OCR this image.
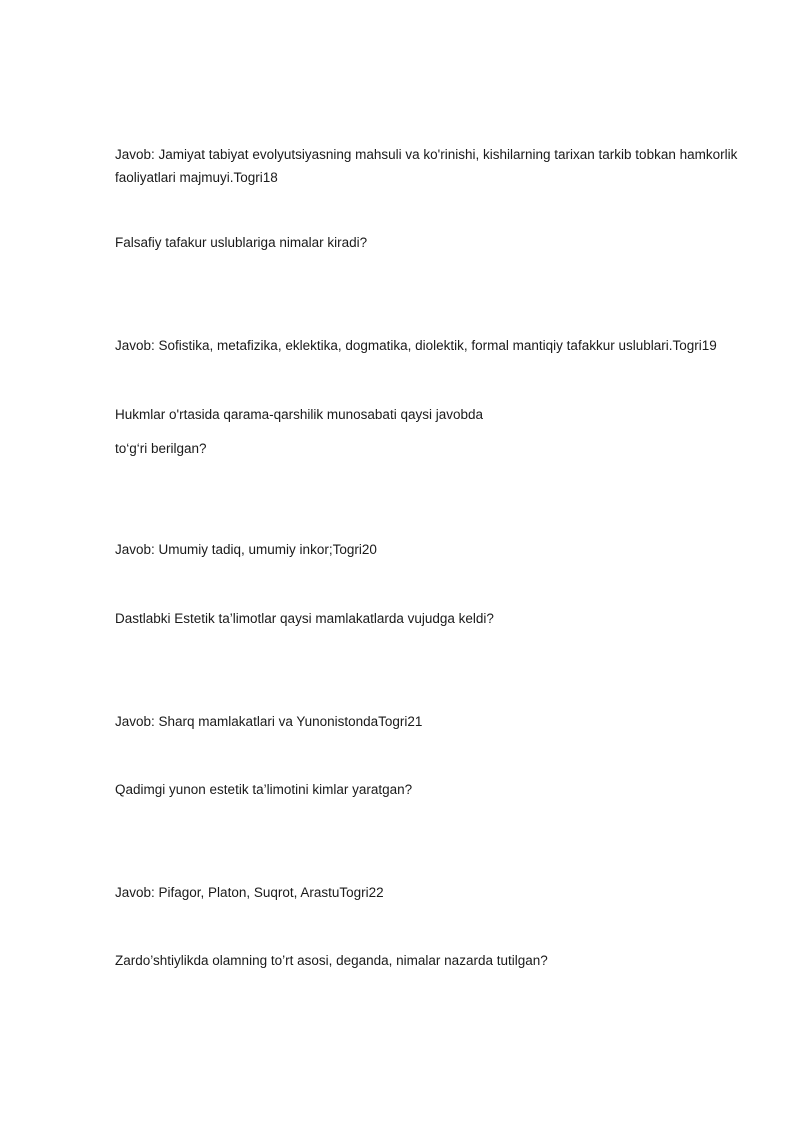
Javob: Jamiyat tabiyat evolyutsiyasning mahsuli va ko'rinishi, kishilarning tarixan tarkib tobkan hamkorlik
faoliyatlari majmuyi.Togri18

Falsafiy tafakur uslublariga nimalar kiradi?

Javob: Sofistika, metafizika, eklektika, dogmatika, diolektik, formal mantiqiy tafakkur uslublari.Togri19

Hukmlar o'rtasida qarama-qarshilik munosabati qaysi javobda

to‘g‘ri berilgan?

Javob: Umumiy tadiq, umumiy inkor;Togri20

Dastlabki Estetik ta’limotlar qaysi mamlakatlarda vujudga keldi?

Javob: Sharq mamlakatlari va YunonistondaTogri21

Qadimgi yunon estetik ta’limotini kimlar yaratgan?

Javob: Pifagor, Platon, Suqrot, ArastuTogri22

Zardo’shtiylikda olamning to’rt asosi, deganda, nimalar nazarda tutilgan?
